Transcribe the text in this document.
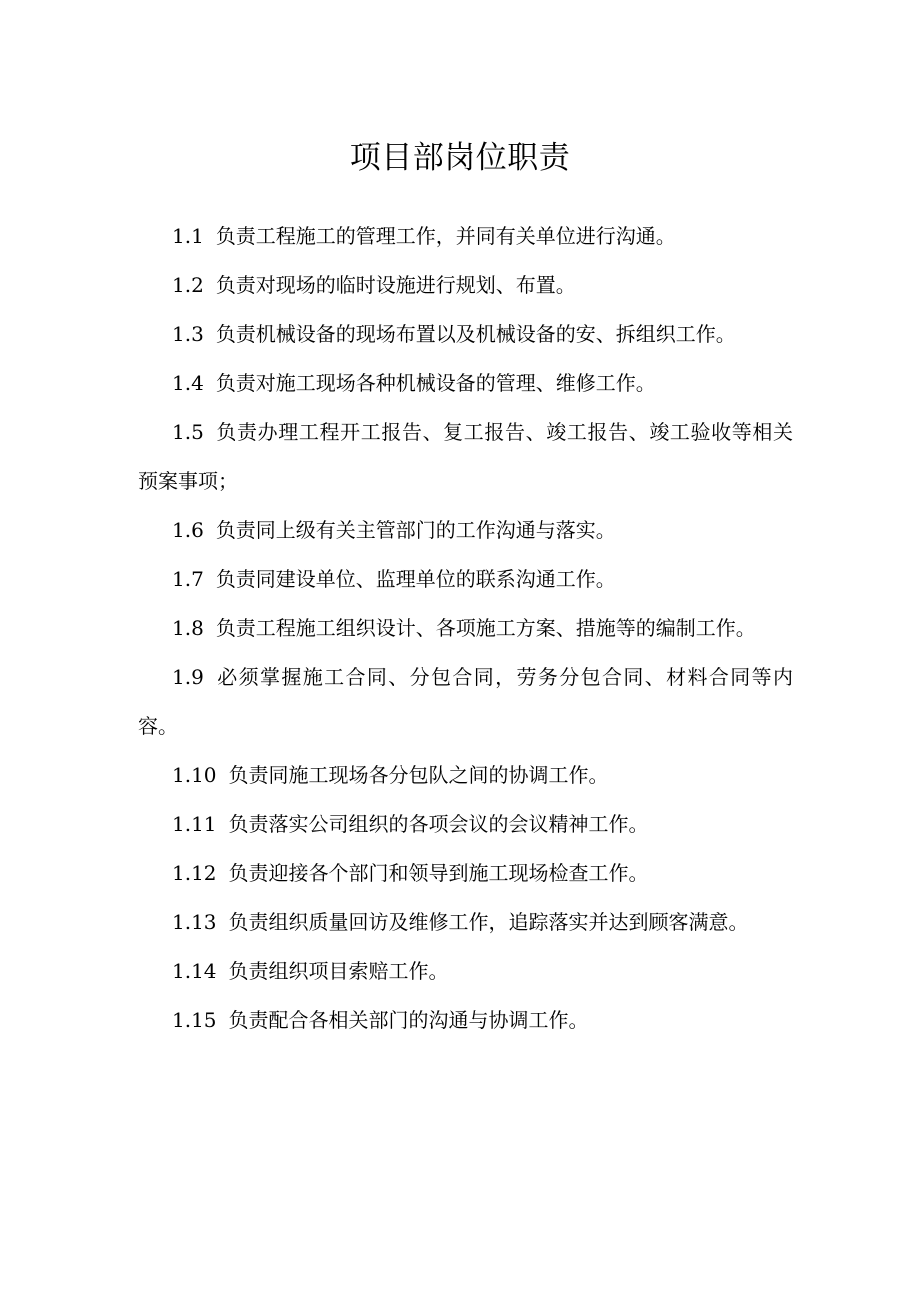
项目部岗位职责

1.1 负责工程施工的管理工作，并同有关单位进行沟通。

1.2 负责对现场的临时设施进行规划、布置。

1.3 负责机械设备的现场布置以及机械设备的安、拆组织工作。

1.4 负责对施工现场各种机械设备的管理、维修工作。

1.5 负责办理工程开工报告、复工报告、竣工报告、竣工验收等相关预案事项；

1.6 负责同上级有关主管部门的工作沟通与落实。

1.7 负责同建设单位、监理单位的联系沟通工作。

1.8 负责工程施工组织设计、各项施工方案、措施等的编制工作。

1.9 必须掌握施工合同、分包合同，劳务分包合同、材料合同等内容。

1.10 负责同施工现场各分包队之间的协调工作。

1.11 负责落实公司组织的各项会议的会议精神工作。

1.12 负责迎接各个部门和领导到施工现场检查工作。

1.13 负责组织质量回访及维修工作，追踪落实并达到顾客满意。

1.14 负责组织项目索赔工作。

1.15 负责配合各相关部门的沟通与协调工作。
